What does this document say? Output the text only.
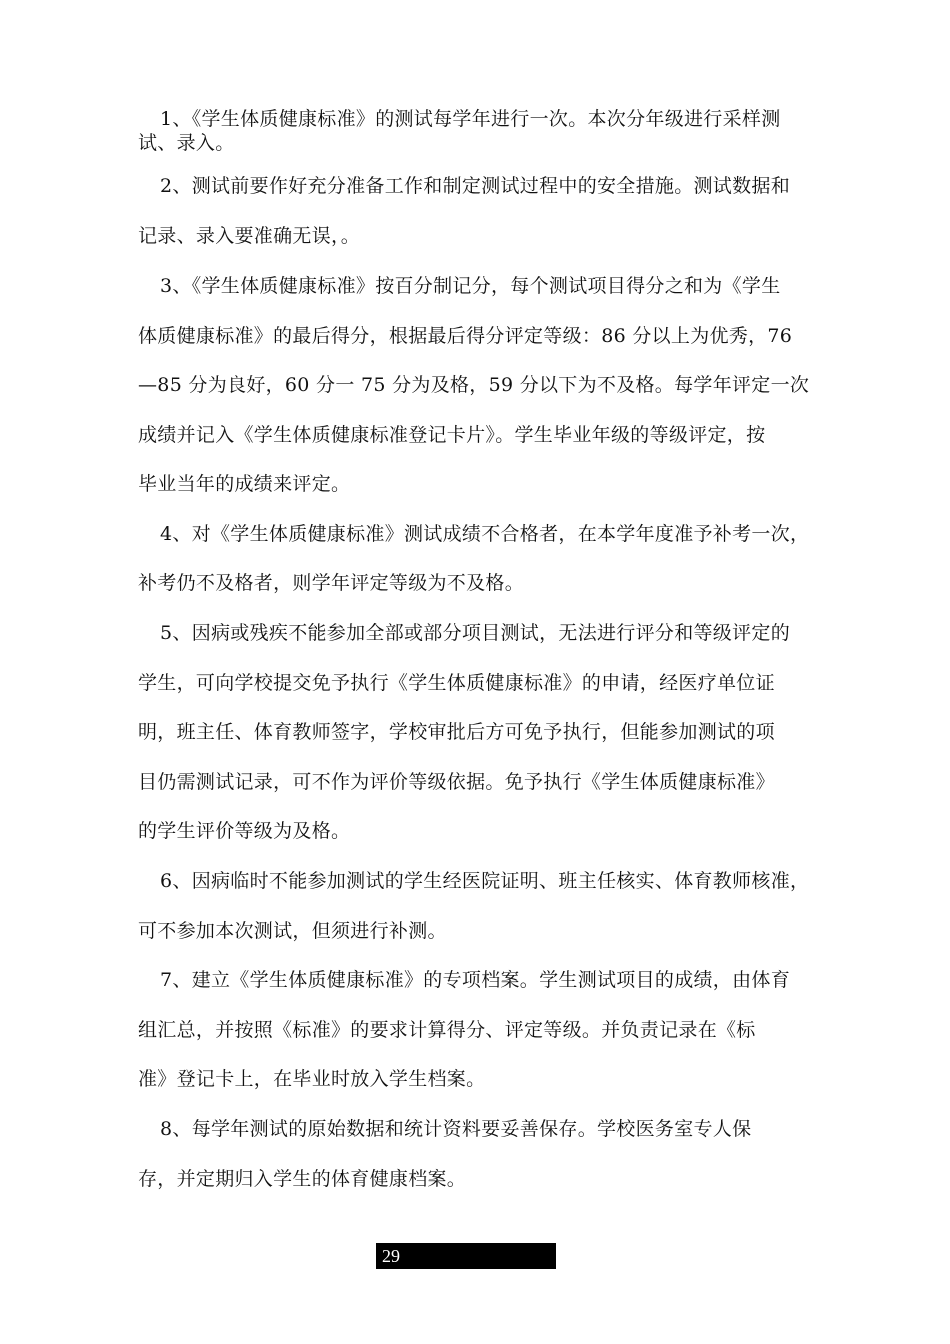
1、《学生体质健康标准》的测试每学年进行一次。本次分年级进行采样测
试、录入。
2、测试前要作好充分准备工作和制定测试过程中的安全措施。测试数据和
记录、录入要准确无误，。
3、《学生体质健康标准》按百分制记分，每个测试项目得分之和为《学生
体质健康标准》的最后得分，根据最后得分评定等级：86 分以上为优秀，76
—85 分为良好，60 分一 75 分为及格，59 分以下为不及格。每学年评定一次
成绩并记入《学生体质健康标准登记卡片》。学生毕业年级的等级评定，按
毕业当年的成绩来评定。
4、对《学生体质健康标准》测试成绩不合格者，在本学年度准予补考一次，
补考仍不及格者，则学年评定等级为不及格。
5、因病或残疾不能参加全部或部分项目测试，无法进行评分和等级评定的
学生，可向学校提交免予执行《学生体质健康标准》的申请，经医疗单位证
明，班主任、体育教师签字，学校审批后方可免予执行，但能参加测试的项
目仍需测试记录，可不作为评价等级依据。免予执行《学生体质健康标准》
的学生评价等级为及格。
6、因病临时不能参加测试的学生经医院证明、班主任核实、体育教师核准，
可不参加本次测试，但须进行补测。
7、建立《学生体质健康标准》的专项档案。学生测试项目的成绩，由体育
组汇总，并按照《标准》的要求计算得分、评定等级。并负责记录在《标
准》登记卡上，在毕业时放入学生档案。
8、每学年测试的原始数据和统计资料要妥善保存。学校医务室专人保
存，并定期归入学生的体育健康档案。
29
